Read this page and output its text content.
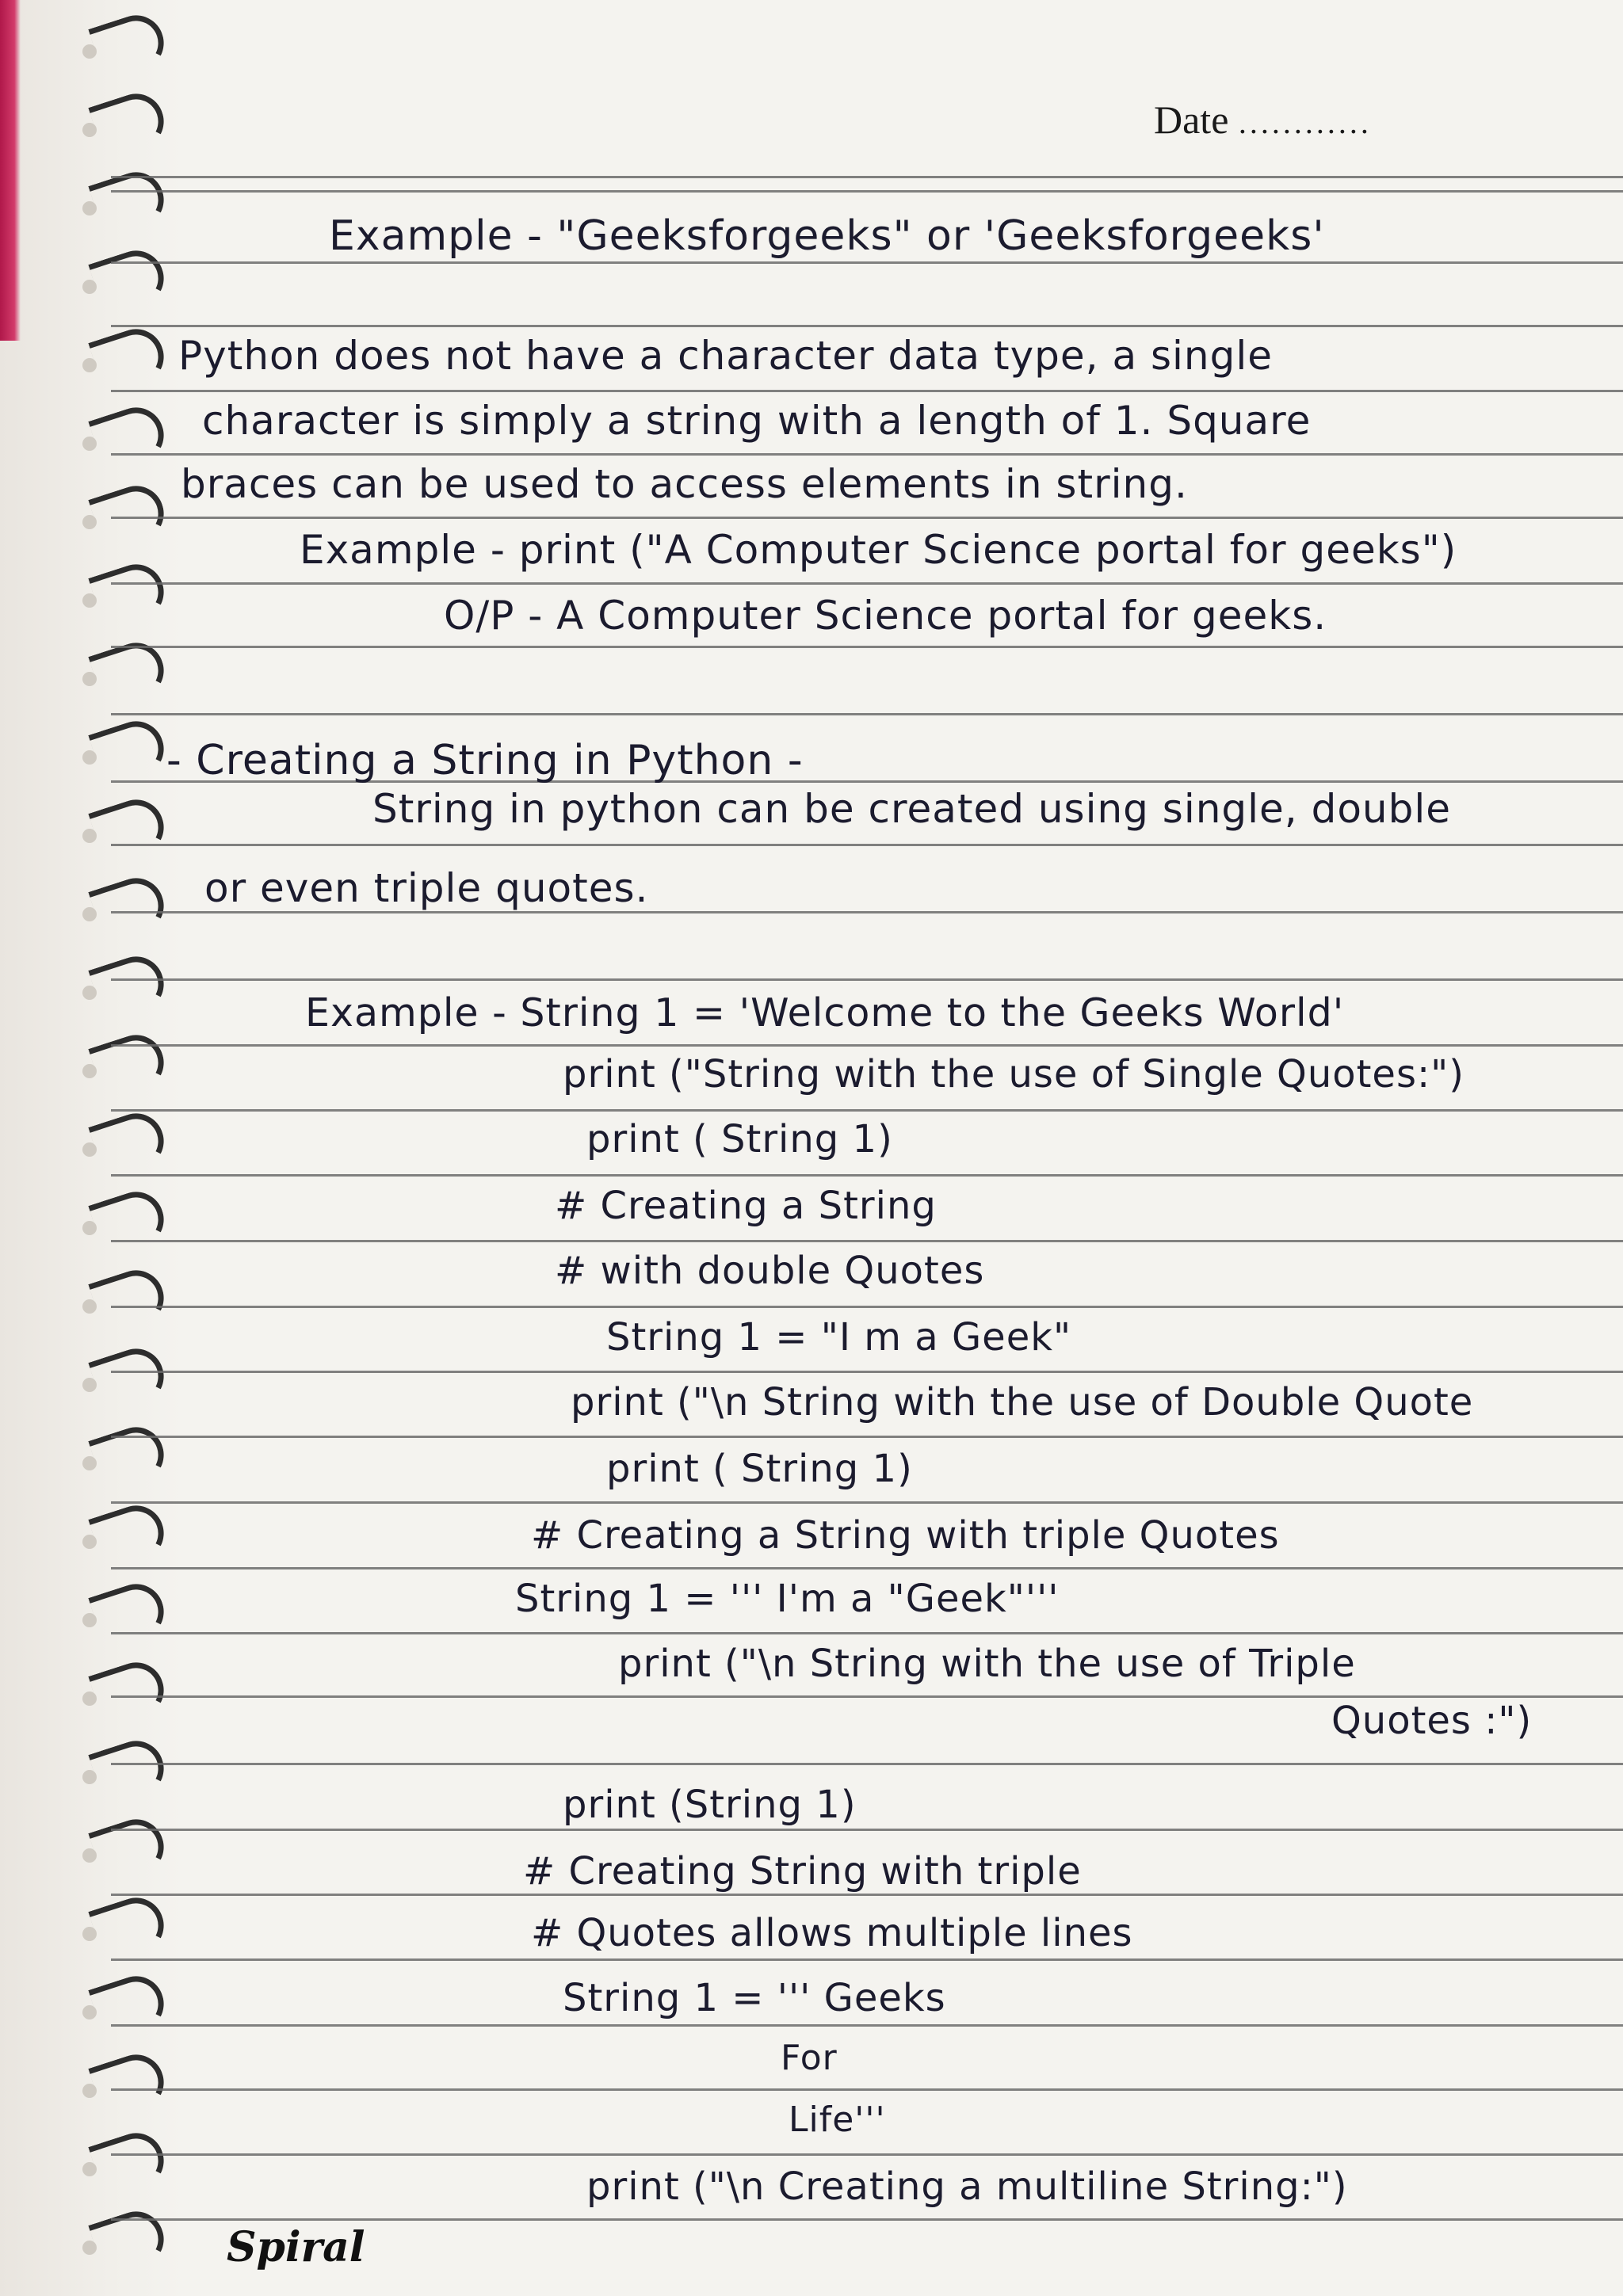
Date ............
Example - "Geeksforgeeks" or 'Geeksforgeeks'
Python does not have a character data type, a single
character is simply a string with a length of 1. Square
braces can be used to access elements in string.
Example - print ("A Computer Science portal for geeks")
O/P - A Computer Science portal for geeks.
- Creating a String in Python -
String in python can be created using single, double
or even triple quotes.
Example - String 1 = 'Welcome to the Geeks World'
print ("String with the use of Single Quotes:")
print ( String 1)
# Creating a String
# with double Quotes
String 1 = "I m a Geek"
print ("\n String with the use of Double Quote
print ( String 1)
# Creating a String with triple Quotes
String 1 = ''' I'm a "Geek"'''
print ("\n String with the use of Triple
Quotes :")
print (String 1)
# Creating String with triple
# Quotes allows multiple lines
String 1 = ''' Geeks
For
Life'''
print ("\n Creating a multiline String:")
Spiral
